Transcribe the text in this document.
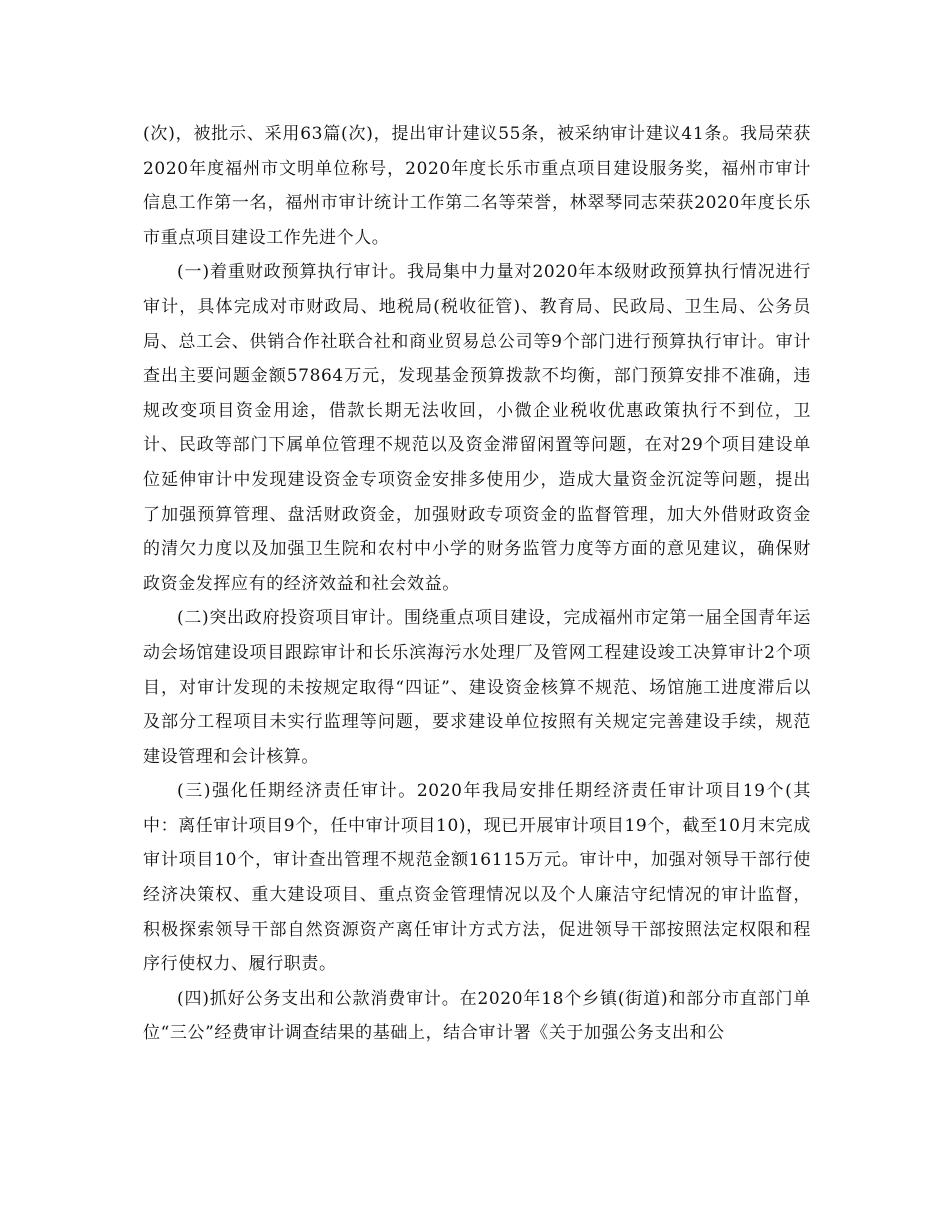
(次)，被批示、采用63篇(次)，提出审计建议55条，被采纳审计建议41条。我局荣获2020年度福州市文明单位称号，2020年度长乐市重点项目建设服务奖，福州市审计信息工作第一名，福州市审计统计工作第二名等荣誉，林翠琴同志荣获2020年度长乐市重点项目建设工作先进个人。

(一)着重财政预算执行审计。我局集中力量对2020年本级财政预算执行情况进行审计，具体完成对市财政局、地税局(税收征管)、教育局、民政局、卫生局、公务员局、总工会、供销合作社联合社和商业贸易总公司等9个部门进行预算执行审计。审计查出主要问题金额57864万元，发现基金预算拨款不均衡，部门预算安排不准确，违规改变项目资金用途，借款长期无法收回，小微企业税收优惠政策执行不到位，卫计、民政等部门下属单位管理不规范以及资金滞留闲置等问题，在对29个项目建设单位延伸审计中发现建设资金专项资金安排多使用少，造成大量资金沉淀等问题，提出了加强预算管理、盘活财政资金，加强财政专项资金的监督管理，加大外借财政资金的清欠力度以及加强卫生院和农村中小学的财务监管力度等方面的意见建议，确保财政资金发挥应有的经济效益和社会效益。

(二)突出政府投资项目审计。围绕重点项目建设，完成福州市定第一届全国青年运动会场馆建设项目跟踪审计和长乐滨海污水处理厂及管网工程建设竣工决算审计2个项目，对审计发现的未按规定取得“四证”、建设资金核算不规范、场馆施工进度滞后以及部分工程项目未实行监理等问题，要求建设单位按照有关规定完善建设手续，规范建设管理和会计核算。

(三)强化任期经济责任审计。2020年我局安排任期经济责任审计项目19个(其中：离任审计项目9个，任中审计项目10)，现已开展审计项目19个，截至10月末完成审计项目10个，审计查出管理不规范金额16115万元。审计中，加强对领导干部行使经济决策权、重大建设项目、重点资金管理情况以及个人廉洁守纪情况的审计监督，积极探索领导干部自然资源资产离任审计方式方法，促进领导干部按照法定权限和程序行使权力、履行职责。

(四)抓好公务支出和公款消费审计。在2020年18个乡镇(街道)和部分市直部门单位“三公”经费审计调查结果的基础上，结合审计署《关于加强公务支出和公
